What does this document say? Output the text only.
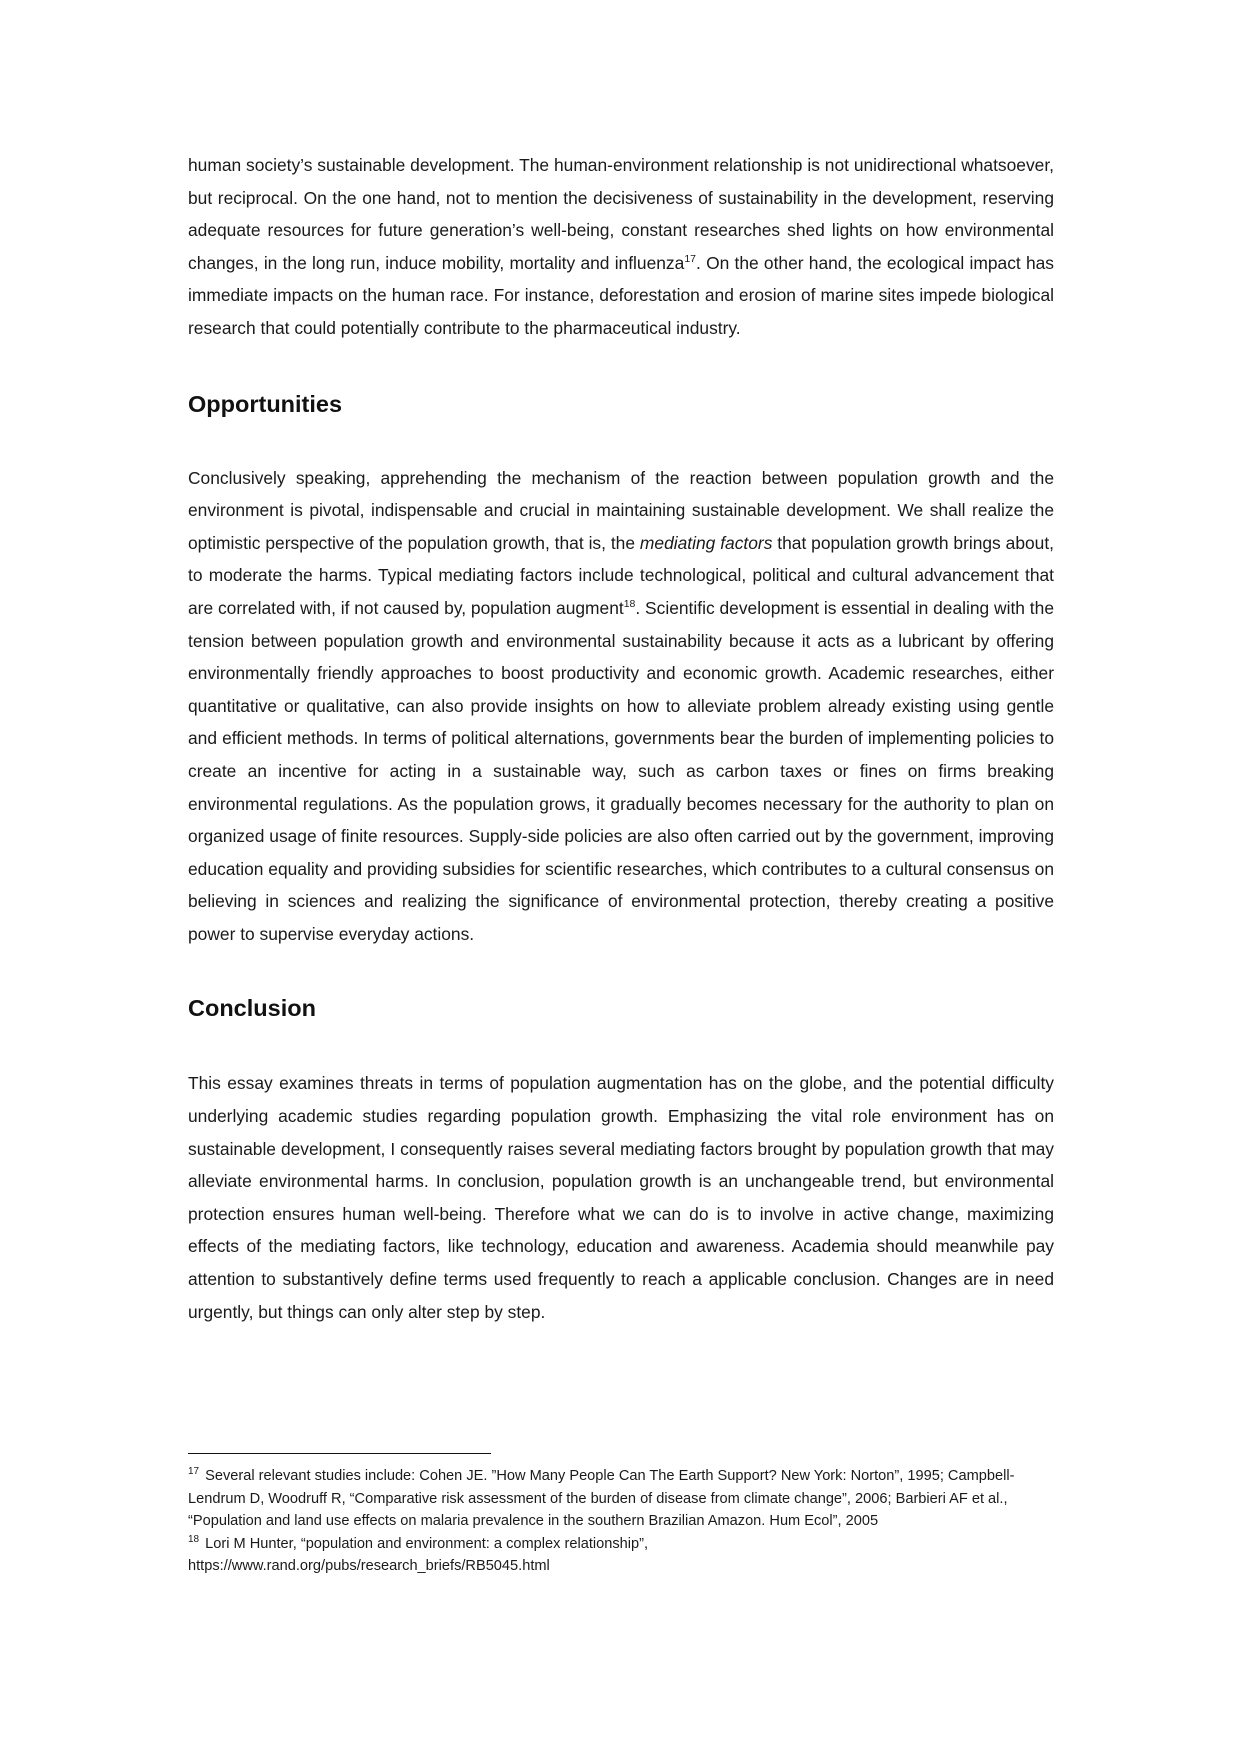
human society’s sustainable development. The human-environment relationship is not unidirectional whatsoever, but reciprocal. On the one hand, not to mention the decisiveness of sustainability in the development, reserving adequate resources for future generation’s well-being, constant researches shed lights on how environmental changes, in the long run, induce mobility, mortality and influenza$^{17}$. On the other hand, the ecological impact has immediate impacts on the human race. For instance, deforestation and erosion of marine sites impede biological research that could potentially contribute to the pharmaceutical industry.

Opportunities

Conclusively speaking, apprehending the mechanism of the reaction between population growth and the environment is pivotal, indispensable and crucial in maintaining sustainable development. We shall realize the optimistic perspective of the population growth, that is, the mediating factors that population growth brings about, to moderate the harms. Typical mediating factors include technological, political and cultural advancement that are correlated with, if not caused by, population augment$^{18}$. Scientific development is essential in dealing with the tension between population growth and environmental sustainability because it acts as a lubricant by offering environmentally friendly approaches to boost productivity and economic growth. Academic researches, either quantitative or qualitative, can also provide insights on how to alleviate problem already existing using gentle and efficient methods. In terms of political alternations, governments bear the burden of implementing policies to create an incentive for acting in a sustainable way, such as carbon taxes or fines on firms breaking environmental regulations. As the population grows, it gradually becomes necessary for the authority to plan on organized usage of finite resources. Supply-side policies are also often carried out by the government, improving education equality and providing subsidies for scientific researches, which contributes to a cultural consensus on believing in sciences and realizing the significance of environmental protection, thereby creating a positive power to supervise everyday actions.

Conclusion

This essay examines threats in terms of population augmentation has on the globe, and the potential difficulty underlying academic studies regarding population growth. Emphasizing the vital role environment has on sustainable development, I consequently raises several mediating factors brought by population growth that may alleviate environmental harms. In conclusion, population growth is an unchangeable trend, but environmental protection ensures human well-being. Therefore what we can do is to involve in active change, maximizing effects of the mediating factors, like technology, education and awareness. Academia should meanwhile pay attention to substantively define terms used frequently to reach a applicable conclusion. Changes are in need urgently, but things can only alter step by step.

$^{17}$ Several relevant studies include: Cohen JE. ”How Many People Can The Earth Support? New York: Norton”, 1995; Campbell-Lendrum D, Woodruff R, “Comparative risk assessment of the burden of disease from climate change”, 2006; Barbieri AF et al., “Population and land use effects on malaria prevalence in the southern Brazilian Amazon. Hum Ecol”, 2005

$^{18}$ Lori M Hunter, “population and environment: a complex relationship”,

https://www.rand.org/pubs/research_briefs/RB5045.html
